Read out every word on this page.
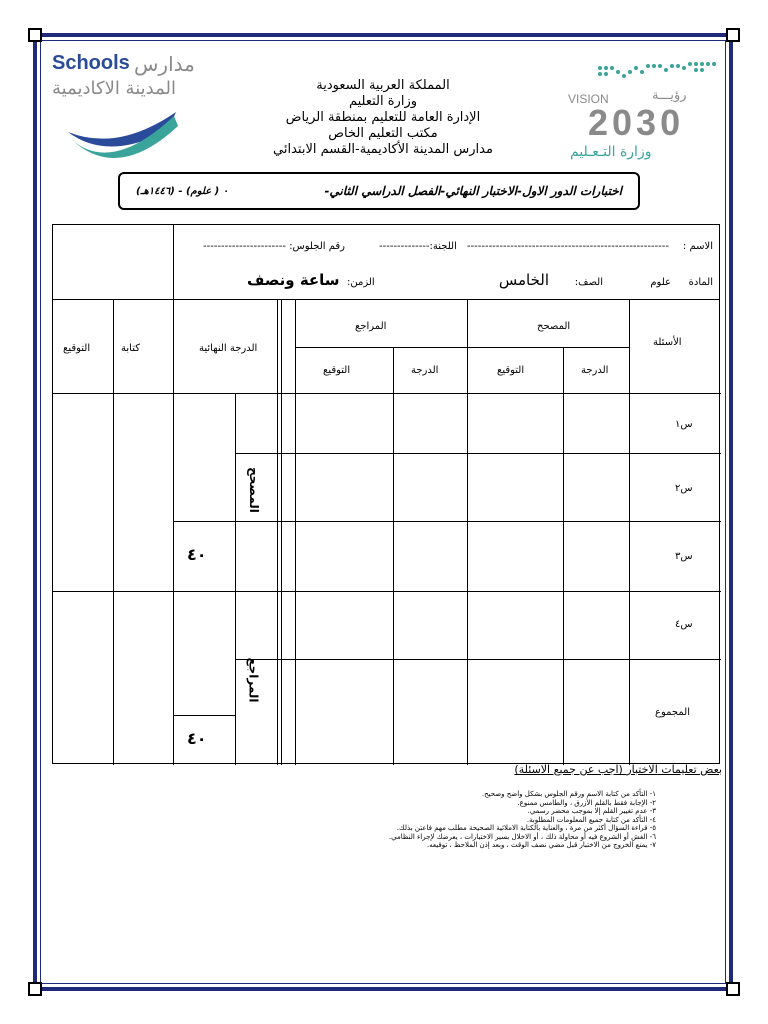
Schools مدارس
المدينة الاكاديمية	المملكة العربية السعودية
وزارة التعليم
الإدارة العامة للتعليم بمنطقة الرياض
مكتب التعليم الخاص
مدارس المدينة الأكاديمية-القسم الابتدائي
VISION	رؤيـــة
2030
وزارة التـعـليم
اختبارات الدور الاول-الاختبار النهائي-الفصل الدراسي الثاني-
٠ ( علوم) - (١٤٤٦هـ)
الاسم :
--------------------------------------------------------
اللجنة:--------------
رقم الجلوس: -----------------------
المادة
علوم
الصف:
الخامس
الزمن:
ساعة ونصف
الأسئلة
المصحح
المراجع
الدرجة النهائية
كتابة
التوقيع
الدرجة
التوقيع
الدرجة
التوقيع
س١
س٢
س٣
س٤
المجموع
المصحح
المراجع
٤٠
٤٠
بعض تعليمات الاختبار (اجب عن جميع الاسئلة)
١- التأكد من كتابة الاسم ورقم الجلوس بشكل واضح وصحيح.
٢- الإجابة فقط بالقلم الأزرق ، والطامس ممنوع.
٣- عدم تغيير القلم إلا بموجب محضر رسمي.
٤- التأكد من كتابة جميع المعلومات المطلوبة.
٥- قراءة السؤال أكثر من مرة ، والعناية بالكتابة الاملائية الصحيحة مطلب مهم فاعتن بذلك.
٦- الغش أو الشروع فيه أو محاولة ذلك ، أو الاخلال بسير الاختبارات ، يعرضك لإجراء النظامي.
٧- يمنع الخروج من الاختبار قبل مضي نصف الوقت ، وبعد إذن الملاحظ ، توقيعه.
